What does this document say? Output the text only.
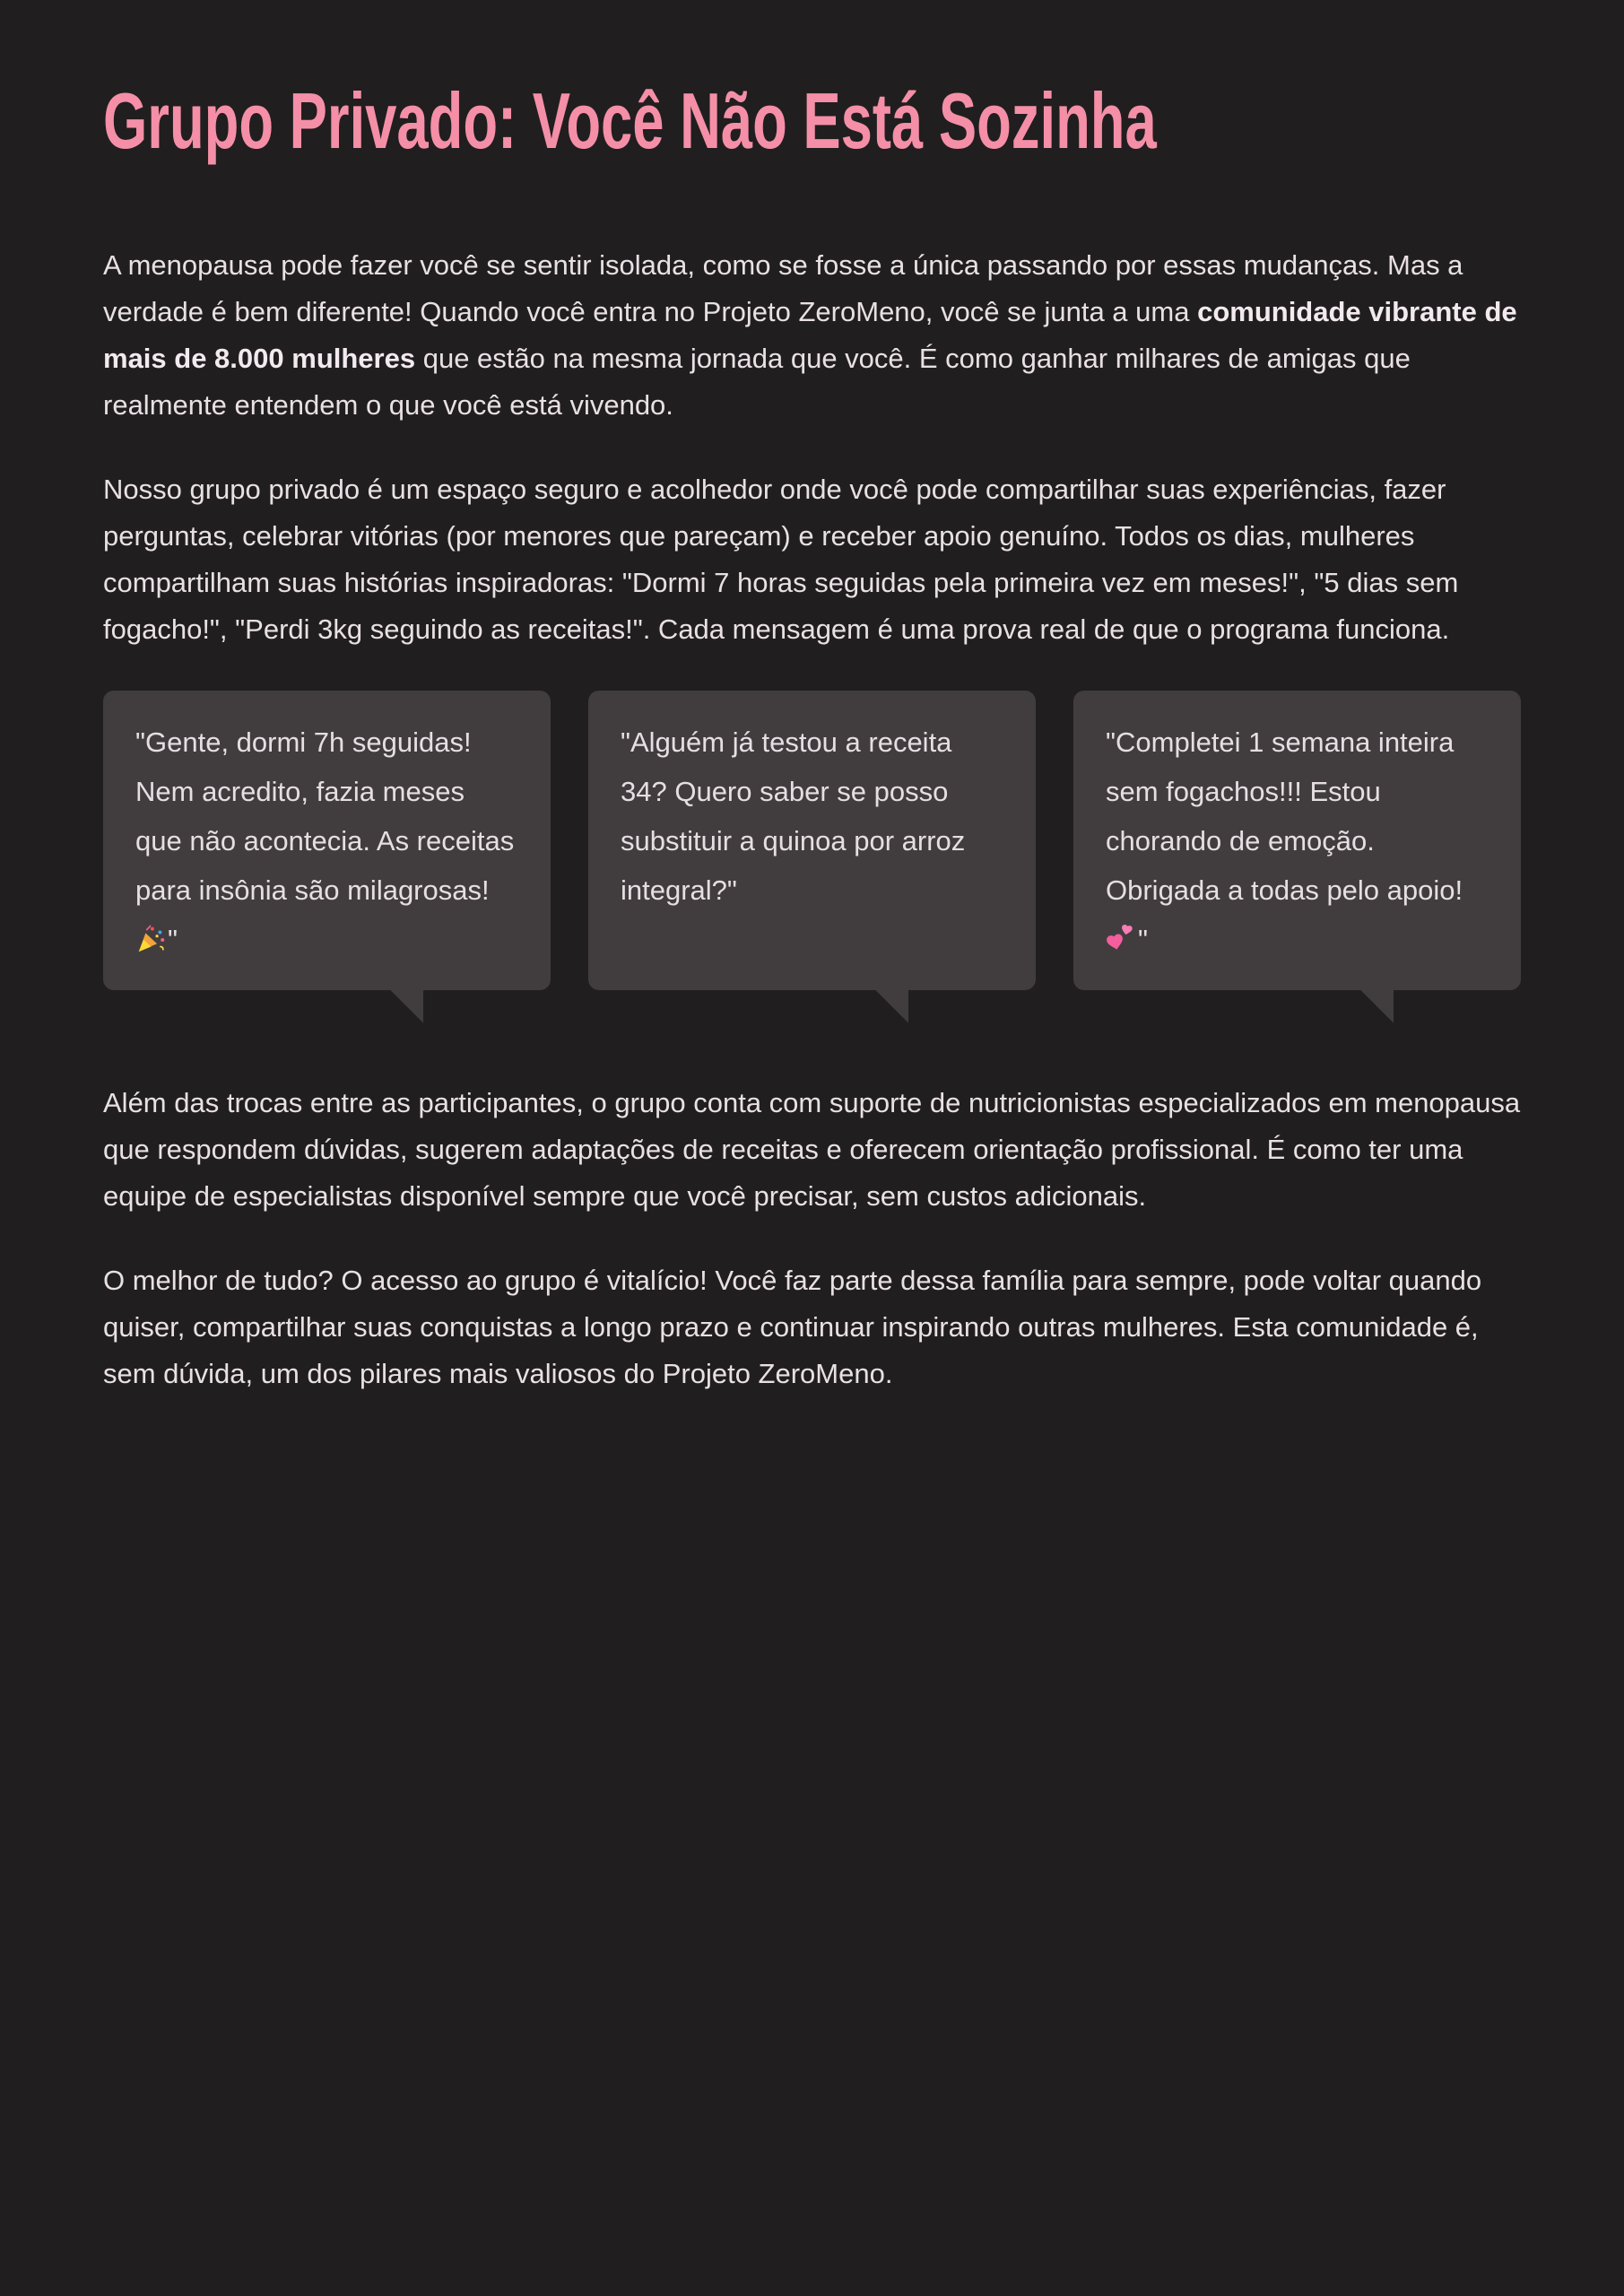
Grupo Privado: Você Não Está Sozinha

A menopausa pode fazer você se sentir isolada, como se fosse a única passando por essas mudanças. Mas a verdade é bem diferente! Quando você entra no Projeto ZeroMeno, você se junta a uma comunidade vibrante de mais de 8.000 mulheres que estão na mesma jornada que você. É como ganhar milhares de amigas que realmente entendem o que você está vivendo.

Nosso grupo privado é um espaço seguro e acolhedor onde você pode compartilhar suas experiências, fazer perguntas, celebrar vitórias (por menores que pareçam) e receber apoio genuíno. Todos os dias, mulheres compartilham suas histórias inspiradoras: "Dormi 7 horas seguidas pela primeira vez em meses!", "5 dias sem fogacho!", "Perdi 3kg seguindo as receitas!". Cada mensagem é uma prova real de que o programa funciona.

"Gente, dormi 7h seguidas! Nem acredito, fazia meses que não acontecia. As receitas para insônia são milagrosas! "
"Alguém já testou a receita 34? Quero saber se posso substituir a quinoa por arroz integral?"
"Completei 1 semana inteira sem fogachos!!! Estou chorando de emoção. Obrigada a todas pelo apoio! "

Além das trocas entre as participantes, o grupo conta com suporte de nutricionistas especializados em menopausa que respondem dúvidas, sugerem adaptações de receitas e oferecem orientação profissional. É como ter uma equipe de especialistas disponível sempre que você precisar, sem custos adicionais.

O melhor de tudo? O acesso ao grupo é vitalício! Você faz parte dessa família para sempre, pode voltar quando quiser, compartilhar suas conquistas a longo prazo e continuar inspirando outras mulheres. Esta comunidade é, sem dúvida, um dos pilares mais valiosos do Projeto ZeroMeno.
